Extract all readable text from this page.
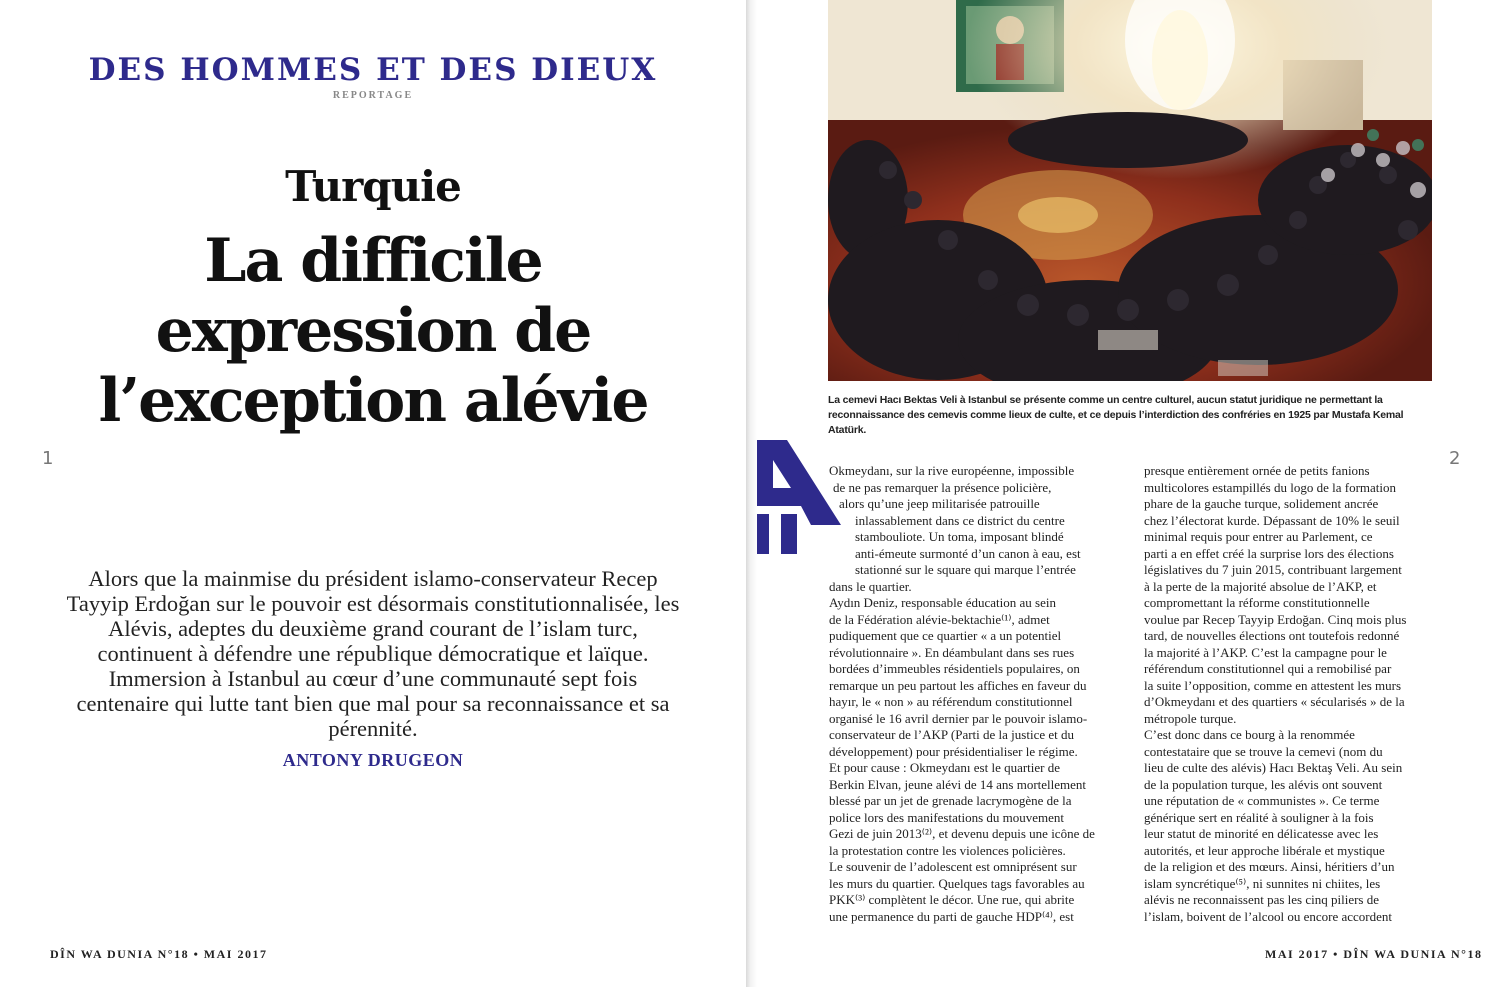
DES HOMMES ET DES DIEUX
REPORTAGE
Turquie
La difficile
expression de
l’exception alévie
1
Alors que la mainmise du président islamo-conservateur Recep Tayyip Erdoğan sur le pouvoir est désormais constitutionnalisée, les Alévis, adeptes du deuxième grand courant de l’islam turc, continuent à défendre une république démocratique et laïque. Immersion à Istanbul au cœur d’une communauté sept fois centenaire qui lutte tant bien que mal pour sa reconnaissance et sa pérennité.
ANTONY DRUGEON
DÎN WA DUNIA N°18 • MAI 2017
La cemevi Hacı Bektas Veli à Istanbul se présente comme un centre culturel, aucun statut juridique ne permettant la reconnaissance des cemevis comme lieux de culte, et ce depuis l’interdiction des confréries en 1925 par Mustafa Kemal Atatürk.
2
Okmeydanı, sur la rive européenne, impossible
de ne pas remarquer la présence policière,
alors qu’une jeep militarisée patrouille
inlassablement dans ce district du centre
stambouliote. Un toma, imposant blindé
anti-émeute surmonté d’un canon à eau, est
stationné sur le square qui marque l’entrée
dans le quartier.
Aydın Deniz, responsable éducation au sein
de la Fédération alévie-bektachie⁽¹⁾, admet
pudiquement que ce quartier « a un potentiel
révolutionnaire ». En déambulant dans ses rues
bordées d’immeubles résidentiels populaires, on
remarque un peu partout les affiches en faveur du
hayır, le « non » au référendum constitutionnel
organisé le 16 avril dernier par le pouvoir islamo-
conservateur de l’AKP (Parti de la justice et du
développement) pour présidentialiser le régime.
Et pour cause : Okmeydanı est le quartier de
Berkin Elvan, jeune alévi de 14 ans mortellement
blessé par un jet de grenade lacrymogène de la
police lors des manifestations du mouvement
Gezi de juin 2013⁽²⁾, et devenu depuis une icône de
la protestation contre les violences policières.
Le souvenir de l’adolescent est omniprésent sur
les murs du quartier. Quelques tags favorables au
PKK⁽³⁾ complètent le décor. Une rue, qui abrite
une permanence du parti de gauche HDP⁽⁴⁾, est
presque entièrement ornée de petits fanions
multicolores estampillés du logo de la formation
phare de la gauche turque, solidement ancrée
chez l’électorat kurde. Dépassant de 10% le seuil
minimal requis pour entrer au Parlement, ce
parti a en effet créé la surprise lors des élections
législatives du 7 juin 2015, contribuant largement
à la perte de la majorité absolue de l’AKP, et
compromettant la réforme constitutionnelle
voulue par Recep Tayyip Erdoğan. Cinq mois plus
tard, de nouvelles élections ont toutefois redonné
la majorité à l’AKP. C’est la campagne pour le
référendum constitutionnel qui a remobilisé par
la suite l’opposition, comme en attestent les murs
d’Okmeydanı et des quartiers « sécularisés » de la
métropole turque.
C’est donc dans ce bourg à la renommée
contestataire que se trouve la cemevi (nom du
lieu de culte des alévis) Hacı Bektaş Veli. Au sein
de la population turque, les alévis ont souvent
une réputation de « communistes ». Ce terme
générique sert en réalité à souligner à la fois
leur statut de minorité en délicatesse avec les
autorités, et leur approche libérale et mystique
de la religion et des mœurs. Ainsi, héritiers d’un
islam syncrétique⁽⁵⁾, ni sunnites ni chiites, les
alévis ne reconnaissent pas les cinq piliers de
l’islam, boivent de l’alcool ou encore accordent
MAI 2017 • DÎN WA DUNIA N°18
